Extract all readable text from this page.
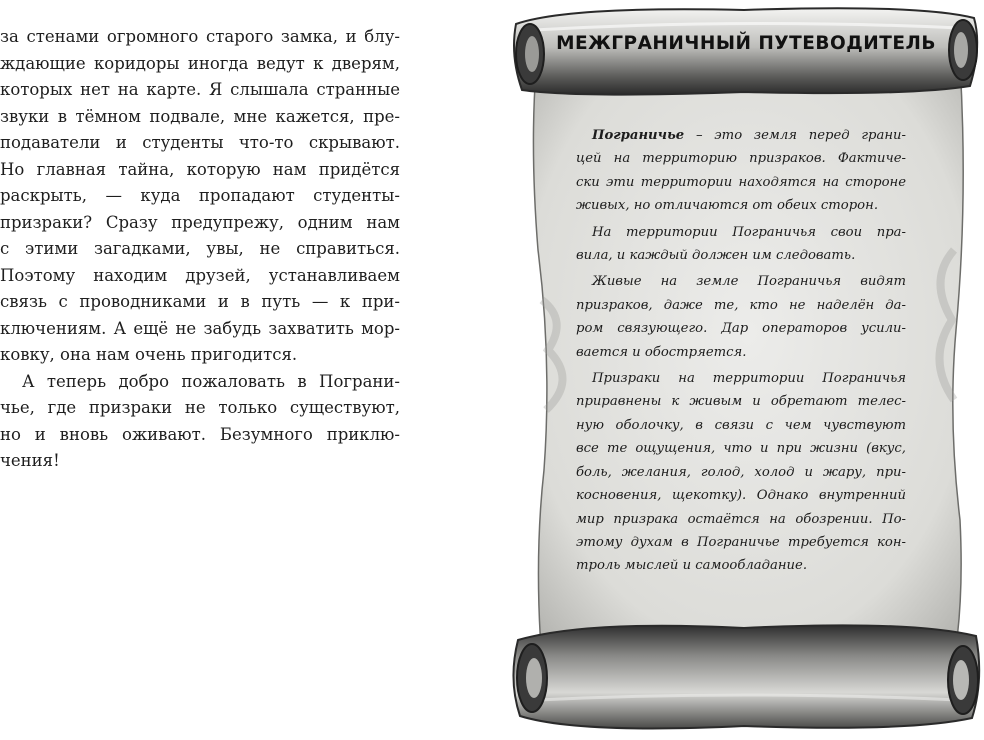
за стенами огромного старого замка, и блу-
ждающие коридоры иногда ведут к дверям,
которых нет на карте. Я слышала странные
звуки в тёмном подвале, мне кажется, пре-
подаватели и студенты что-то скрывают.
Но главная тайна, которую нам придётся
раскрыть, — куда пропадают студенты-
призраки? Сразу предупрежу, одним нам
с этими загадками, увы, не справиться.
Поэтому находим друзей, устанавливаем
связь с проводниками и в путь — к при-
ключениям. А ещё не забудь захватить мор-
ковку, она нам очень пригодится.
А теперь добро пожаловать в Пограни-
чье, где призраки не только существуют,
но и вновь оживают. Безумного приклю-
чения!
МЕЖГРАНИЧНЫЙ ПУТЕВОДИТЕЛЬ
Пограничье – это земля перед грани-
цей на территорию призраков. Фактиче-
ски эти территории находятся на стороне
живых, но отличаются от обеих сторон.
На территории Пограничья свои пра-
вила, и каждый должен им следовать.
Живые на земле Пограничья видят
призраков, даже те, кто не наделён да-
ром связующего. Дар операторов усили-
вается и обостряется.
Призраки на территории Пограничья
приравнены к живым и обретают телес-
ную оболочку, в связи с чем чувствуют
все те ощущения, что и при жизни (вкус,
боль, желания, голод, холод и жару, при-
косновения, щекотку). Однако внутренний
мир призрака остаётся на обозрении. По-
этому духам в Пограничье требуется кон-
троль мыслей и самообладание.
